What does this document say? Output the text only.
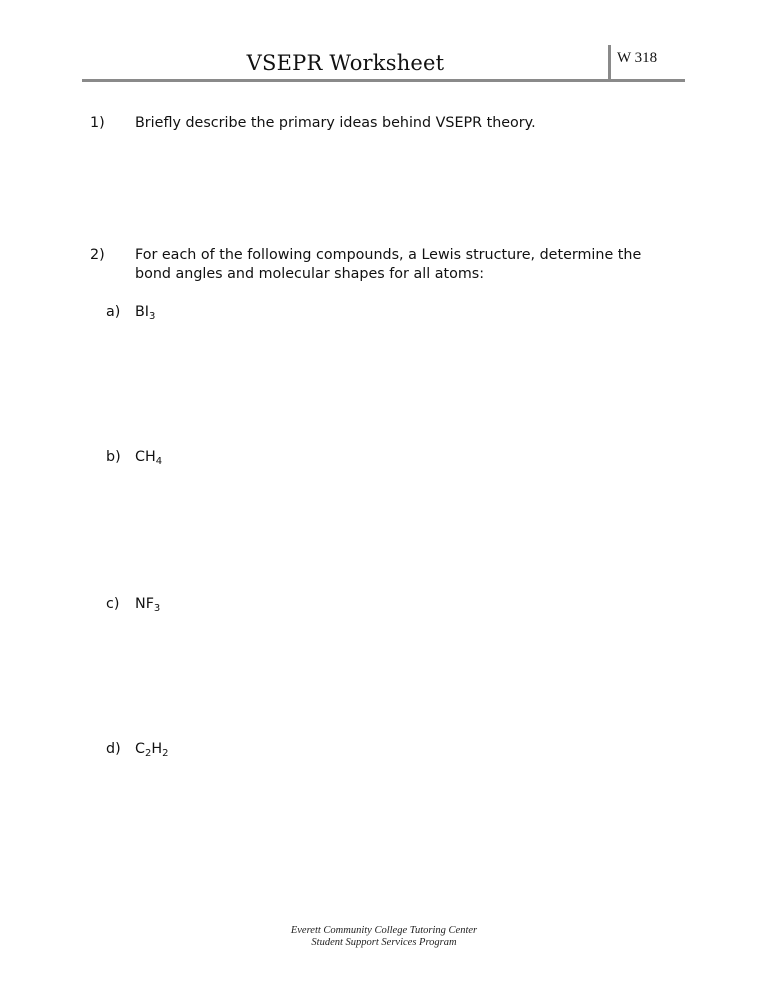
VSEPR Worksheet	W 318
1) Briefly describe the primary ideas behind VSEPR theory.
2) For each of the following compounds, a Lewis structure, determine the bond angles and molecular shapes for all atoms:
a) $BI_3$
b) $CH_4$
c) $NF_3$
d) $C_2H_2$
Everett Community College Tutoring Center
Student Support Services Program
